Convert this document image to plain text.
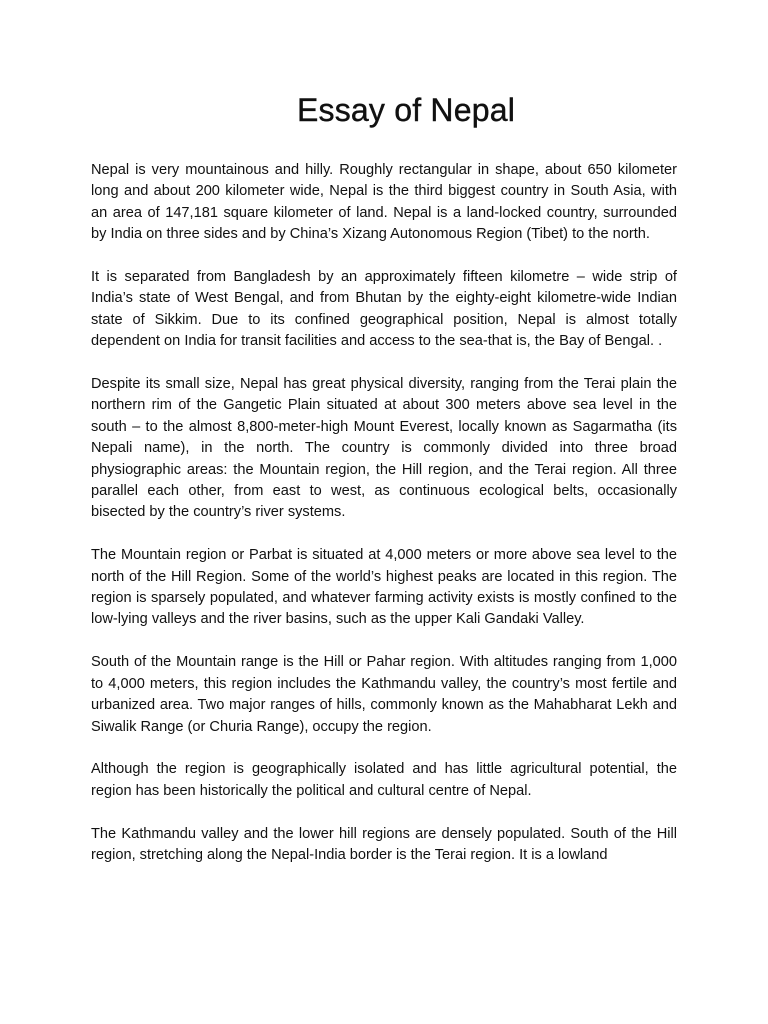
Essay of Nepal

Nepal is very mountainous and hilly. Roughly rectangular in shape, about 650 kilometer long and about 200 kilometer wide, Nepal is the third biggest country in South Asia, with an area of 147,181 square kilometer of land. Nepal is a land-locked country, surrounded by India on three sides and by China’s Xizang Autonomous Region (Tibet) to the north.

It is separated from Bangladesh by an approximately fifteen kilometre – wide strip of India’s state of West Bengal, and from Bhutan by the eighty-eight kilometre-wide Indian state of Sikkim. Due to its confined geographical position, Nepal is almost totally dependent on India for transit facilities and access to the sea-that is, the Bay of Bengal. .

Despite its small size, Nepal has great physical diversity, ranging from the Terai plain the northern rim of the Gangetic Plain situated at about 300 meters above sea level in the south – to the almost 8,800-meter-high Mount Everest, locally known as Sagarmatha (its Nepali name), in the north. The country is commonly divided into three broad physiographic areas: the Mountain region, the Hill region, and the Terai region. All three parallel each other, from east to west, as continuous ecological belts, occasionally bisected by the country’s river systems.

The Mountain region or Parbat is situated at 4,000 meters or more above sea level to the north of the Hill Region. Some of the world’s highest peaks are located in this region. The region is sparsely populated, and whatever farming activity exists is mostly confined to the low-lying valleys and the river basins, such as the upper Kali Gandaki Valley.

South of the Mountain range is the Hill or Pahar region. With altitudes ranging from 1,000 to 4,000 meters, this region includes the Kathmandu valley, the country’s most fertile and urbanized area. Two major ranges of hills, commonly known as the Mahabharat Lekh and Siwalik Range (or Churia Range), occupy the region.

Although the region is geographically isolated and has little agricultural potential, the region has been historically the political and cultural centre of Nepal.

The Kathmandu valley and the lower hill regions are densely populated. South of the Hill region, stretching along the Nepal-India border is the Terai region. It is a lowland
